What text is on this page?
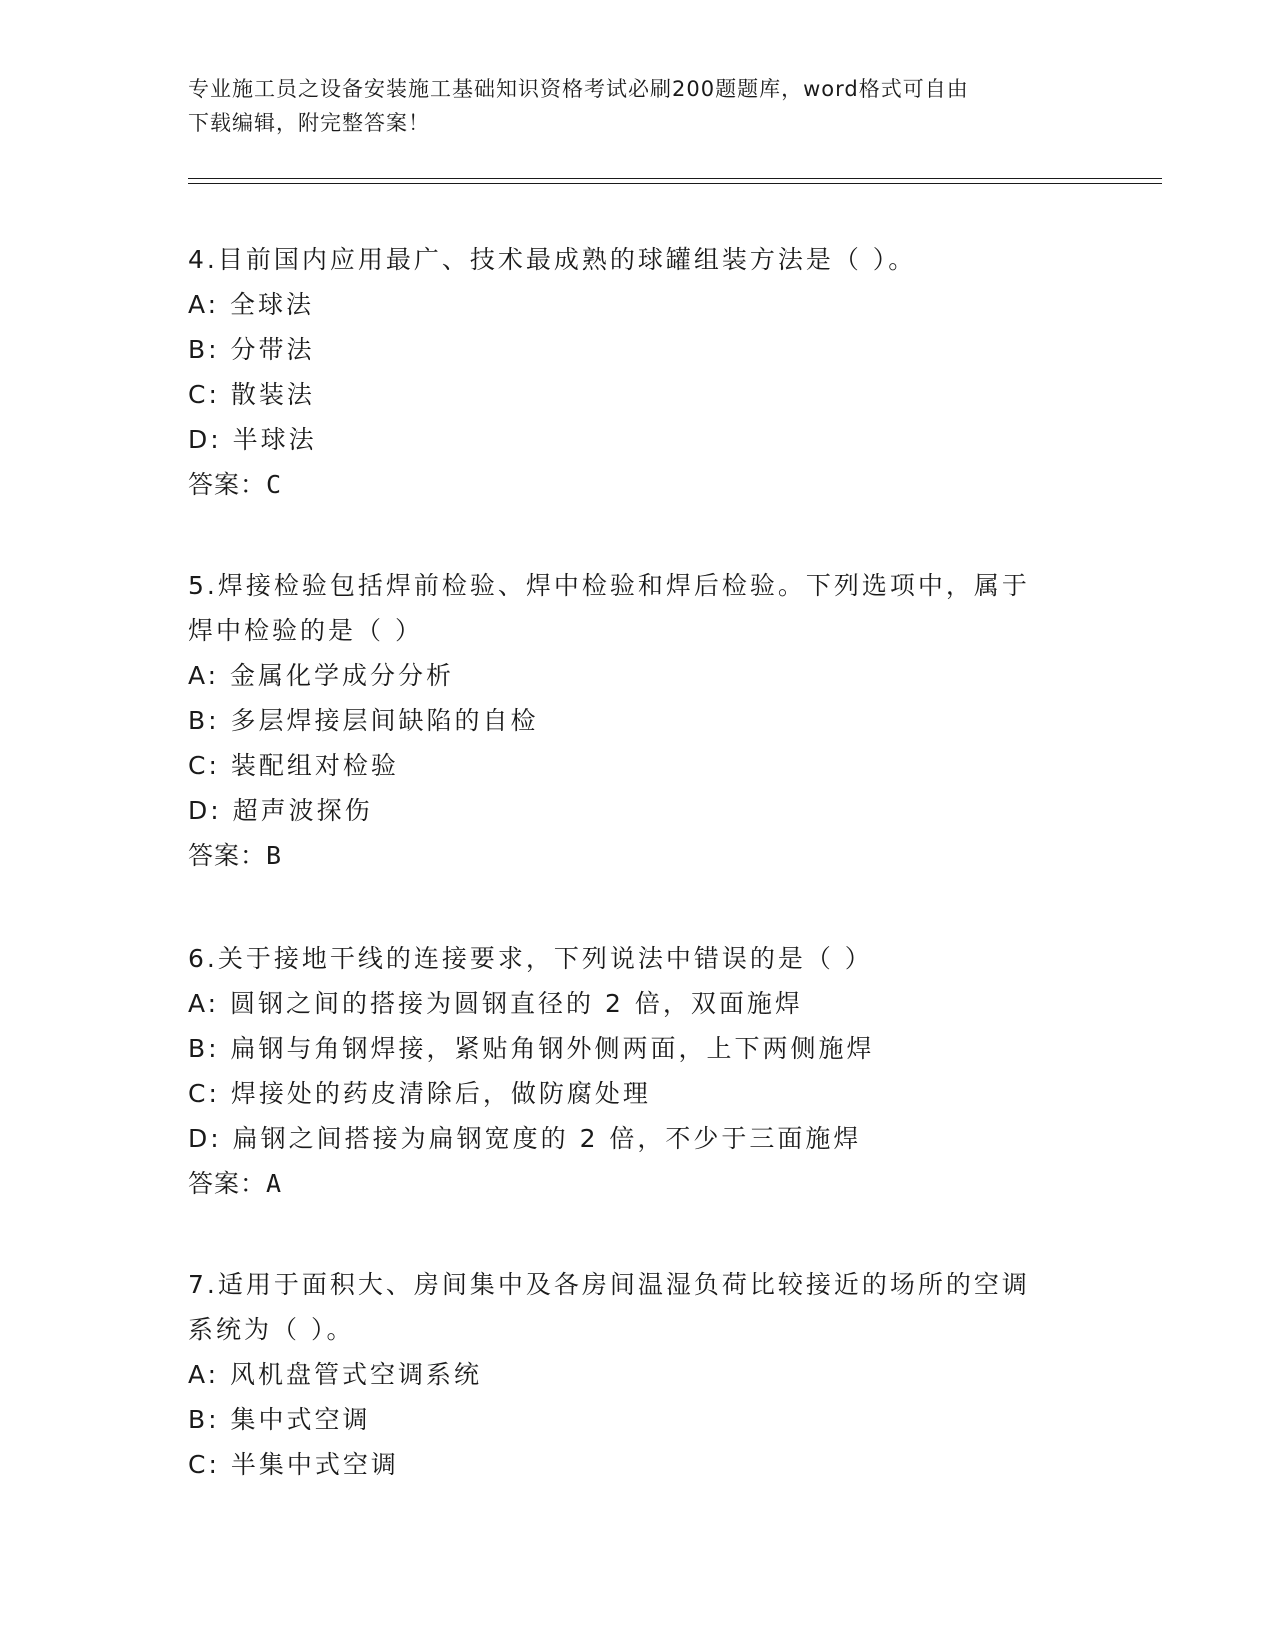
专业施工员之设备安装施工基础知识资格考试必刷200题题库，word格式可自由
下载编辑，附完整答案！
4.目前国内应用最广、技术最成熟的球罐组装方法是（ ）。
A: 全球法
B: 分带法
C: 散装法
D: 半球法
答案：C
5.焊接检验包括焊前检验、焊中检验和焊后检验。下列选项中，属于
焊中检验的是（ ）
A: 金属化学成分分析
B: 多层焊接层间缺陷的自检
C: 装配组对检验
D: 超声波探伤
答案：B
6.关于接地干线的连接要求，下列说法中错误的是（ ）
A: 圆钢之间的搭接为圆钢直径的 2 倍，双面施焊
B: 扁钢与角钢焊接，紧贴角钢外侧两面，上下两侧施焊
C: 焊接处的药皮清除后，做防腐处理
D: 扁钢之间搭接为扁钢宽度的 2 倍，不少于三面施焊
答案：A
7.适用于面积大、房间集中及各房间温湿负荷比较接近的场所的空调
系统为（ ）。
A: 风机盘管式空调系统
B: 集中式空调
C: 半集中式空调
